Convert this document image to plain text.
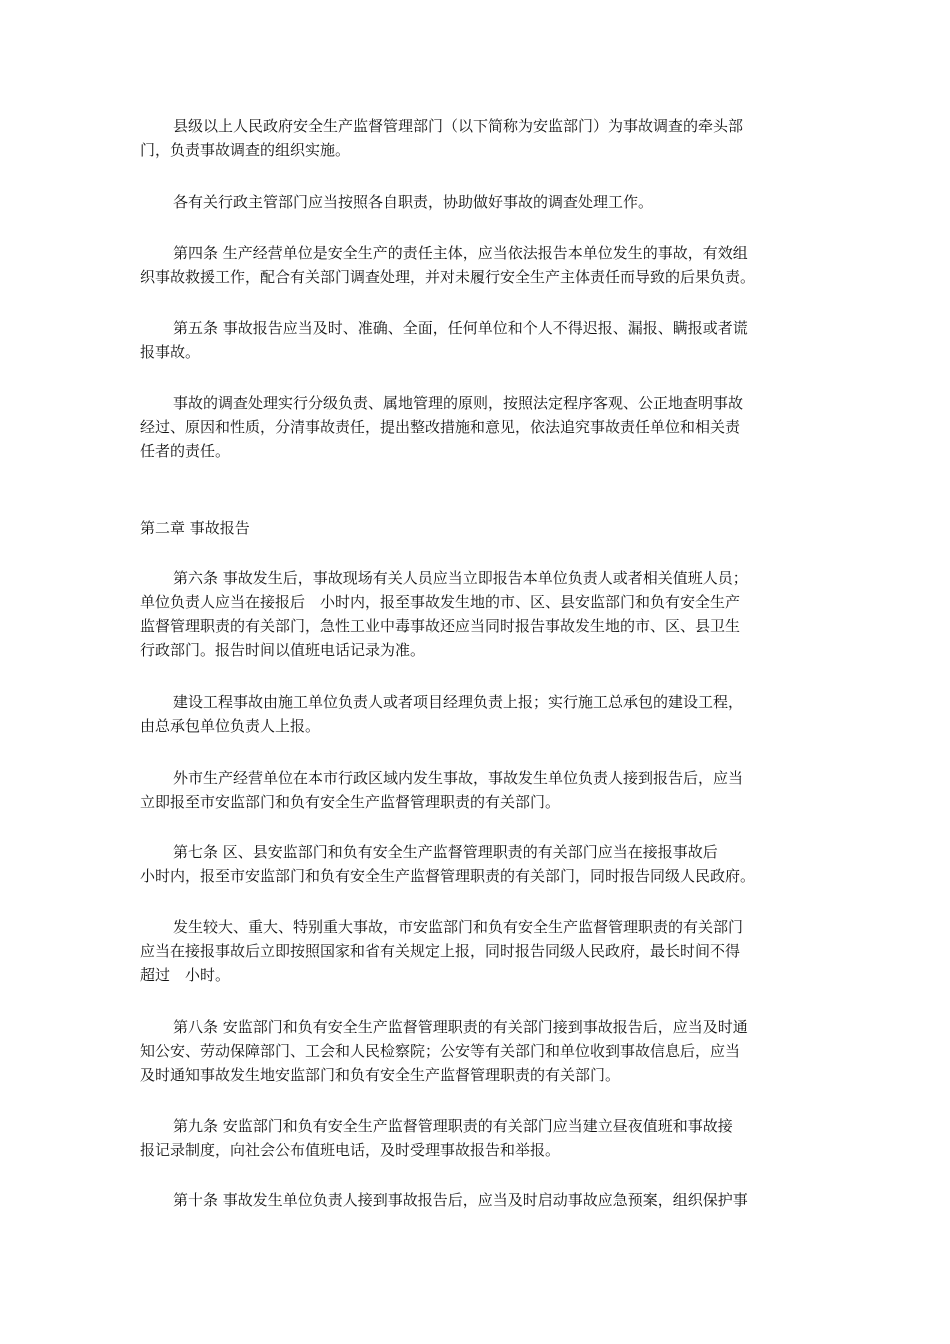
县级以上人民政府安全生产监督管理部门（以下简称为安监部门）为事故调查的牵头部
门，负责事故调查的组织实施。

各有关行政主管部门应当按照各自职责，协助做好事故的调查处理工作。

第四条 生产经营单位是安全生产的责任主体，应当依法报告本单位发生的事故，有效组
织事故救援工作，配合有关部门调查处理，并对未履行安全生产主体责任而导致的后果负责。

第五条 事故报告应当及时、准确、全面，任何单位和个人不得迟报、漏报、瞒报或者谎
报事故。

事故的调查处理实行分级负责、属地管理的原则，按照法定程序客观、公正地查明事故
经过、原因和性质，分清事故责任，提出整改措施和意见，依法追究事故责任单位和相关责
任者的责任。

第二章 事故报告

第六条 事故发生后，事故现场有关人员应当立即报告本单位负责人或者相关值班人员；
单位负责人应当在接报后　小时内，报至事故发生地的市、区、县安监部门和负有安全生产
监督管理职责的有关部门，急性工业中毒事故还应当同时报告事故发生地的市、区、县卫生
行政部门。报告时间以值班电话记录为准。

建设工程事故由施工单位负责人或者项目经理负责上报；实行施工总承包的建设工程，
由总承包单位负责人上报。

外市生产经营单位在本市行政区域内发生事故，事故发生单位负责人接到报告后，应当
立即报至市安监部门和负有安全生产监督管理职责的有关部门。

第七条 区、县安监部门和负有安全生产监督管理职责的有关部门应当在接报事故后
小时内，报至市安监部门和负有安全生产监督管理职责的有关部门，同时报告同级人民政府。

发生较大、重大、特别重大事故，市安监部门和负有安全生产监督管理职责的有关部门
应当在接报事故后立即按照国家和省有关规定上报，同时报告同级人民政府，最长时间不得
超过　小时。

第八条 安监部门和负有安全生产监督管理职责的有关部门接到事故报告后，应当及时通
知公安、劳动保障部门、工会和人民检察院；公安等有关部门和单位收到事故信息后，应当
及时通知事故发生地安监部门和负有安全生产监督管理职责的有关部门。

第九条 安监部门和负有安全生产监督管理职责的有关部门应当建立昼夜值班和事故接
报记录制度，向社会公布值班电话，及时受理事故报告和举报。

第十条 事故发生单位负责人接到事故报告后，应当及时启动事故应急预案，组织保护事
